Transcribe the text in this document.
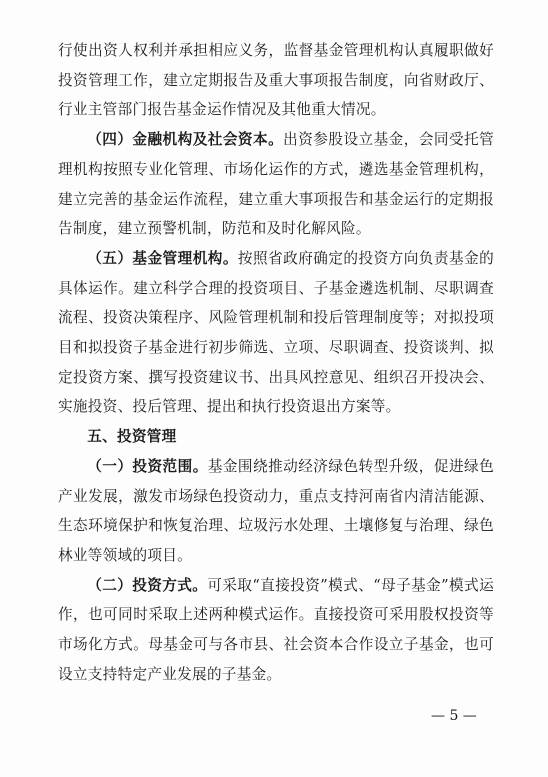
行使出资人权利并承担相应义务，监督基金管理机构认真履职做好投资管理工作，建立定期报告及重大事项报告制度，向省财政厅、行业主管部门报告基金运作情况及其他重大情况。

（四）金融机构及社会资本。出资参股设立基金，会同受托管理机构按照专业化管理、市场化运作的方式，遴选基金管理机构，建立完善的基金运作流程，建立重大事项报告和基金运行的定期报告制度，建立预警机制，防范和及时化解风险。

（五）基金管理机构。按照省政府确定的投资方向负责基金的具体运作。建立科学合理的投资项目、子基金遴选机制、尽职调查流程、投资决策程序、风险管理机制和投后管理制度等；对拟投项目和拟投资子基金进行初步筛选、立项、尽职调查、投资谈判、拟定投资方案、撰写投资建议书、出具风控意见、组织召开投决会、实施投资、投后管理、提出和执行投资退出方案等。

五、投资管理

（一）投资范围。基金围绕推动经济绿色转型升级，促进绿色产业发展，激发市场绿色投资动力，重点支持河南省内清洁能源、生态环境保护和恢复治理、垃圾污水处理、土壤修复与治理、绿色林业等领域的项目。

（二）投资方式。可采取“直接投资”模式、“母子基金”模式运作，也可同时采取上述两种模式运作。直接投资可采用股权投资等市场化方式。母基金可与各市县、社会资本合作设立子基金，也可设立支持特定产业发展的子基金。

— 5 —
